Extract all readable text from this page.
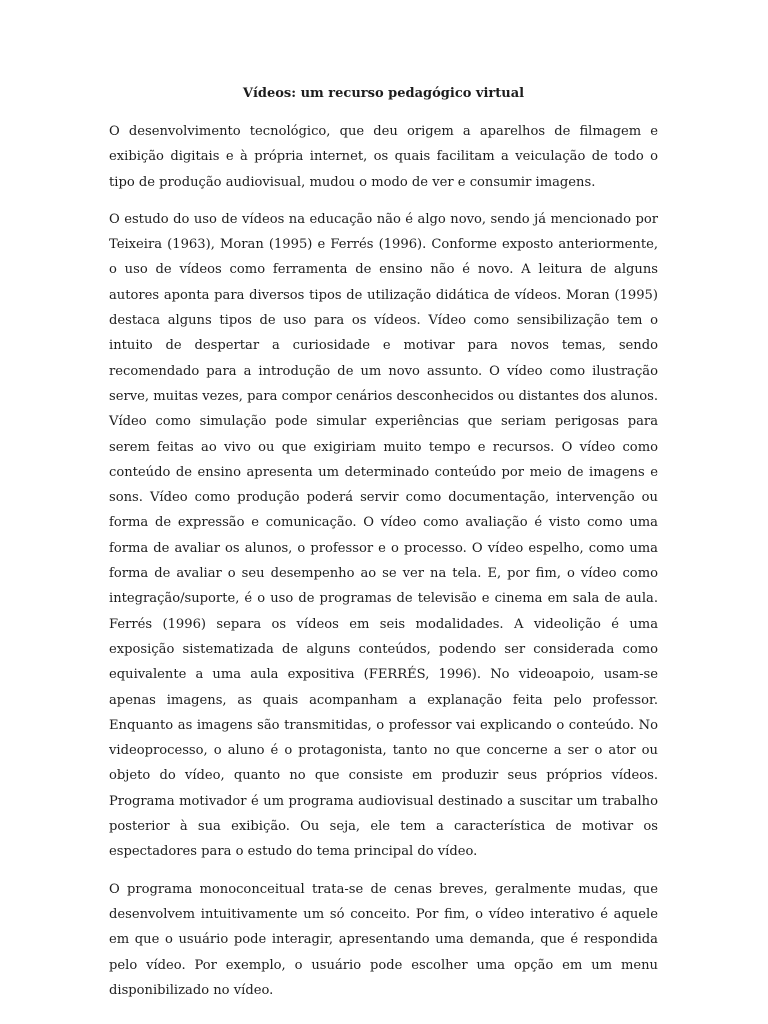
Vídeos: um recurso pedagógico virtual

O desenvolvimento tecnológico, que deu origem a aparelhos de filmagem e exibição digitais e à própria internet, os quais facilitam a veiculação de todo o tipo de produção audiovisual, mudou o modo de ver e consumir imagens.

O estudo do uso de vídeos na educação não é algo novo, sendo já mencionado por Teixeira (1963), Moran (1995) e Ferrés (1996). Conforme exposto anteriormente, o uso de vídeos como ferramenta de ensino não é novo. A leitura de alguns autores aponta para diversos tipos de utilização didática de vídeos. Moran (1995) destaca alguns tipos de uso para os vídeos. Vídeo como sensibilização tem o intuito de despertar a curiosidade e motivar para novos temas, sendo recomendado para a introdução de um novo assunto. O vídeo como ilustração serve, muitas vezes, para compor cenários desconhecidos ou distantes dos alunos. Vídeo como simulação pode simular experiências que seriam perigosas para serem feitas ao vivo ou que exigiriam muito tempo e recursos. O vídeo como conteúdo de ensino apresenta um determinado conteúdo por meio de imagens e sons. Vídeo como produção poderá servir como documentação, intervenção ou forma de expressão e comunicação. O vídeo como avaliação é visto como uma forma de avaliar os alunos, o professor e o processo. O vídeo espelho, como uma forma de avaliar o seu desempenho ao se ver na tela. E, por fim, o vídeo como integração/suporte, é o uso de programas de televisão e cinema em sala de aula. Ferrés (1996) separa os vídeos em seis modalidades. A videolição é uma exposição sistematizada de alguns conteúdos, podendo ser considerada como equivalente a uma aula expositiva (FERRÉS, 1996). No videoapoio, usam-se apenas imagens, as quais acompanham a explanação feita pelo professor. Enquanto as imagens são transmitidas, o professor vai explicando o conteúdo. No videoprocesso, o aluno é o protagonista, tanto no que concerne a ser o ator ou objeto do vídeo, quanto no que consiste em produzir seus próprios vídeos. Programa motivador é um programa audiovisual destinado a suscitar um trabalho posterior à sua exibição. Ou seja, ele tem a característica de motivar os espectadores para o estudo do tema principal do vídeo.

O programa monoconceitual trata-se de cenas breves, geralmente mudas, que desenvolvem intuitivamente um só conceito. Por fim, o vídeo interativo é aquele em que o usuário pode interagir, apresentando uma demanda, que é respondida pelo vídeo. Por exemplo, o usuário pode escolher uma opção em um menu disponibilizado no vídeo.
